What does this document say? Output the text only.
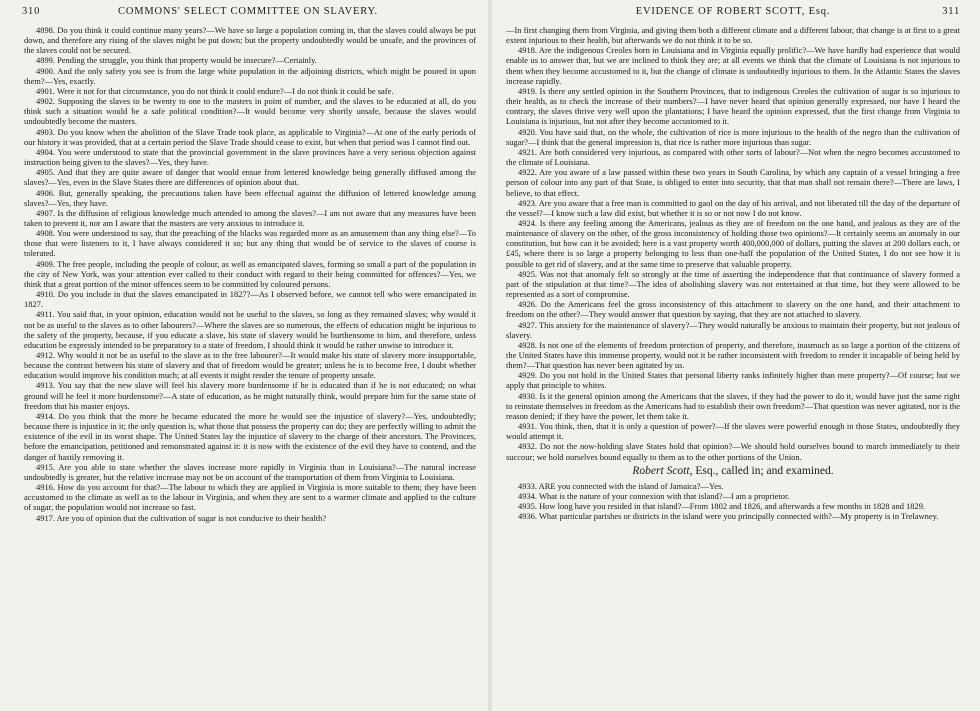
310	COMMONS' SELECT COMMITTEE ON SLAVERY.

4898. Do you think it could continue many years?—We have so large a population coming in, that the slaves could always be put down, and therefore any rising of the slaves might be put down; but the property undoubtedly would be unsafe, and the provinces of the slaves could not be secured.

4899. Pending the struggle, you think that property would be insecure?—Certainly.

4900. And the only safety you see is from the large white population in the adjoining districts, which might be poured in upon them?—Yes, exactly.

4901. Were it not for that circumstance, you do not think it could endure?—I do not think it could be safe.

4902. Supposing the slaves to be twenty to one to the masters in point of number, and the slaves to be educated at all, do you think such a situation would be a safe political condition?—It would become very shortly unsafe, because the slaves would undoubtedly become the masters.

4903. Do you know when the abolition of the Slave Trade took place, as applicable to Virginia?—At one of the early periods of our history it was provided, that at a certain period the Slave Trade should cease to exist, but when that period was I cannot find out.

4904. You were understood to state that the provincial government in the slave provinces have a very serious objection against instruction being given to the slaves?—Yes, they have.

4905. And that they are quite aware of danger that would ensue from lettered knowledge being generally diffused among the slaves?—Yes, even in the Slave States there are differences of opinion about that.

4906. But, generally speaking, the precautions taken have been effectual against the diffusion of lettered knowledge among slaves?—Yes, they have.

4907. Is the diffusion of religious knowledge much attended to among the slaves?—I am not aware that any measures have been taken to prevent it, nor am I aware that the masters are very anxious to introduce it.

4908. You were understood to say, that the preaching of the blacks was regarded more as an amusement than any thing else?—To those that were listeners to it, I have always considered it so; but any thing that would be of service to the slaves of course is tolerated.

4909. The free people, including the people of colour, as well as emancipated slaves, forming so small a part of the population in the city of New York, was your attention ever called to their conduct with regard to their being committed for offences?—Yes, we think that a great portion of the minor offences seem to be committed by coloured persons.

4910. Do you include in that the slaves emancipated in 1827?—As I observed before, we cannot tell who were emancipated in 1827.

4911. You said that, in your opinion, education would not be useful to the slaves, so long as they remained slaves; why would it not be as useful to the slaves as to other labourers?—Where the slaves are so numerous, the effects of education might be injurious to the safety of the property, because, if you educate a slave, his state of slavery would be burthensome to him, and therefore, unless education be expressly intended to be preparatory to a state of freedom, I should think it would be rather unwise to introduce it.

4912. Why would it not be as useful to the slave as to the free labourer?—It would make his state of slavery more insupportable, because the contrast between his state of slavery and that of freedom would be greater; unless he is to become free, I doubt whether education would improve his condition much; at all events it might render the tenure of property unsafe.

4913. You say that the new slave will feel his slavery more burdensome if he is educated than if he is not educated; on what ground will he feel it more burdensome?—A state of education, as he might naturally think, would prepare him for the same state of freedom that his master enjoys.

4914. Do you think that the more he became educated the more he would see the injustice of slavery?—Yes, undoubtedly; because there is injustice in it; the only question is, what those that possess the property can do; they are perfectly willing to admit the existence of the evil in its worst shape. The United States lay the injustice of slavery to the charge of their ancestors. The Provinces, before the emancipation, petitioned and remonstrated against it: it is now with the existence of the evil they have to contend, and the danger of hastily removing it.

4915. Are you able to state whether the slaves increase more rapidly in Virginia than in Louisiana?—The natural increase undoubtedly is greater, but the relative increase may not be on account of the transportation of them from Virginia to Louisiana.

4916. How do you account for that?—The labour to which they are applied in Virginia is more suitable to them; they have been accustomed to the climate as well as to the labour in Virginia, and when they are sent to a warmer climate and applied to the culture of sugar, the population would not increase so fast.

4917. Are you of opinion that the cultivation of sugar is not conducive to their health?

EVIDENCE OF ROBERT SCOTT, Esq.	311

—In first changing them from Virginia, and giving them both a different climate and a different labour, that change is at first to a great extent injurious to their health, but afterwards we do not think it to be so.

4918. Are the indigenous Creoles born in Louisiana and in Virginia equally prolific?—We have hardly had experience that would enable us to answer that, but we are inclined to think they are; at all events we think that the climate of Louisiana is not injurious to them when they become accustomed to it, but the change of climate is undoubtedly injurious to them. In the Atlantic States the slaves increase rapidly.

4919. Is there any settled opinion in the Southern Provinces, that to indigenous Creoles the cultivation of sugar is so injurious to their health, as to check the increase of their numbers?—I have never heard that opinion generally expressed, nor have I heard the contrary, the slaves thrive very well upon the plantations; I have heard the opinion expressed, that the first change from Virginia to Louisiana is injurious, but not after they become accustomed to it.

4920. You have said that, on the whole, the cultivation of rice is more injurious to the health of the negro than the cultivation of sugar?—I think that the general impression is, that rice is rather more injurious than sugar.

4921. Are both considered very injurious, as compared with other sorts of labour?—Not when the negro becomes accustomed to the climate of Louisiana.

4922. Are you aware of a law passed within these two years in South Carolina, by which any captain of a vessel bringing a free person of colour into any part of that State, is obliged to enter into security, that that man shall not remain there?—There are laws, I believe, to that effect.

4923. Are you aware that a free man is committed to gaol on the day of his arrival, and not liberated till the day of the departure of the vessel?—I know such a law did exist, but whether it is so or not now I do not know.

4924. Is there any feeling among the Americans, jealous as they are of freedom on the one hand, and jealous as they are of the maintenance of slavery on the other, of the gross inconsistency of holding those two opinions?—It certainly seems an anomaly in our constitution, but how can it be avoided; here is a vast property worth 400,000,000 of dollars, putting the slaves at 200 dollars each, or £45, where there is so large a property belonging to less than one-half the population of the United States, I do not see how it is possible to get rid of slavery, and at the same time to preserve that valuable property.

4925. Was not that anomaly felt so strongly at the time of asserting the independence that that continuance of slavery formed a part of the stipulation at that time?—The idea of abolishing slavery was not entertained at that time, but they were allowed to be represented as a sort of compromise.

4926. Do the Americans feel the gross inconsistency of this attachment to slavery on the one hand, and their attachment to freedom on the other?—They would answer that question by saying, that they are not attached to slavery.

4927. This anxiety for the maintenance of slavery?—They would naturally be anxious to maintain their property, but not jealous of slavery.

4928. Is not one of the elements of freedom protection of property, and therefore, inasmuch as so large a portion of the citizens of the United States have this immense property, would not it be rather inconsistent with freedom to render it incapable of being held by them?—That question has never been agitated by us.

4929. Do you not hold in the United States that personal liberty ranks infinitely higher than mere property?—Of course; but we apply that principle to whites.

4930. Is it the general opinion among the Americans that the slaves, if they had the power to do it, would have just the same right to reinstate themselves in freedom as the Americans had to establish their own freedom?—That question was never agitated, nor is the reason denied; if they have the power, let them take it.

4931. You think, then, that it is only a question of power?—If the slaves were powerful enough in those States, undoubtedly they would attempt it.

4932. Do not the now-holding slave States hold that opinion?—We should hold ourselves bound to march immediately to their succour; we hold ourselves bound equally to them as to the other portions of the Union.

Robert Scott, Esq., called in; and examined.

4933. ARE you connected with the island of Jamaica?—Yes.

4934. What is the nature of your connexion with that island?—I am a proprietor.

4935. How long have you resided in that island?—From 1802 and 1826, and afterwards a few months in 1828 and 1829.

4936. What particular parishes or districts in the island were you principally connected with?—My property is in Trelawney.
